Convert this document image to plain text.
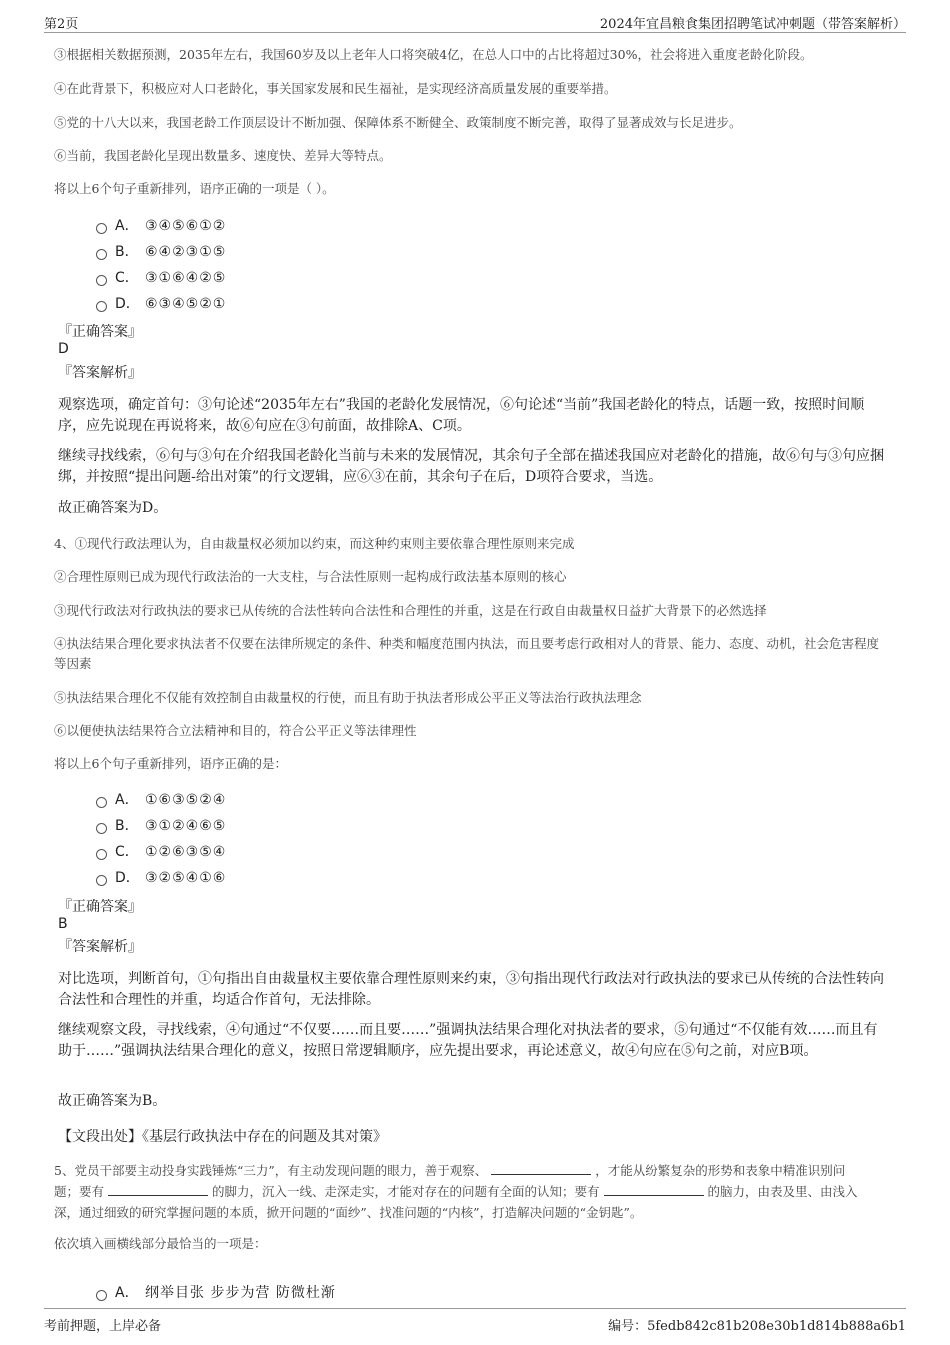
第2页	2024年宜昌粮食集团招聘笔试冲刺题（带答案解析）
③根据相关数据预测，2035年左右，我国60岁及以上老年人口将突破4亿，在总人口中的占比将超过30%，社会将进入重度老龄化阶段。
④在此背景下，积极应对人口老龄化，事关国家发展和民生福祉，是实现经济高质量发展的重要举措。
⑤党的十八大以来，我国老龄工作顶层设计不断加强、保障体系不断健全、政策制度不断完善，取得了显著成效与长足进步。
⑥当前，我国老龄化呈现出数量多、速度快、差异大等特点。
将以上6个句子重新排列，语序正确的一项是（ ）。
A． ③④⑤⑥①②
B． ⑥④②③①⑤
C． ③①⑥④②⑤
D． ⑥③④⑤②①
『正确答案』
D
『答案解析』
观察选项，确定首句：③句论述“2035年左右”我国的老龄化发展情况，⑥句论述“当前”我国老龄化的特点，话题一致，按照时间顺序，应先说现在再说将来，故⑥句应在③句前面，故排除A、C项。
继续寻找线索，⑥句与③句在介绍我国老龄化当前与未来的发展情况，其余句子全部在描述我国应对老龄化的措施，故⑥句与③句应捆绑，并按照“提出问题-给出对策”的行文逻辑，应⑥③在前，其余句子在后，D项符合要求，当选。
故正确答案为D。
4、①现代行政法理认为，自由裁量权必须加以约束，而这种约束则主要依靠合理性原则来完成
②合理性原则已成为现代行政法治的一大支柱，与合法性原则一起构成行政法基本原则的核心
③现代行政法对行政执法的要求已从传统的合法性转向合法性和合理性的并重，这是在行政自由裁量权日益扩大背景下的必然选择
④执法结果合理化要求执法者不仅要在法律所规定的条件、种类和幅度范围内执法，而且要考虑行政相对人的背景、能力、态度、动机，社会危害程度等因素
⑤执法结果合理化不仅能有效控制自由裁量权的行使，而且有助于执法者形成公平正义等法治行政执法理念
⑥以便使执法结果符合立法精神和目的，符合公平正义等法律理性
将以上6个句子重新排列，语序正确的是：
A． ①⑥③⑤②④
B． ③①②④⑥⑤
C． ①②⑥③⑤④
D． ③②⑤④①⑥
『正确答案』
B
『答案解析』
对比选项，判断首句，①句指出自由裁量权主要依靠合理性原则来约束，③句指出现代行政法对行政执法的要求已从传统的合法性转向合法性和合理性的并重，均适合作首句，无法排除。
继续观察文段，寻找线索，④句通过“不仅要……而且要……”强调执法结果合理化对执法者的要求，⑤句通过“不仅能有效……而且有助于……”强调执法结果合理化的意义，按照日常逻辑顺序，应先提出要求，再论述意义，故④句应在⑤句之前，对应B项。
故正确答案为B。
【文段出处】《基层行政执法中存在的问题及其对策》
5、党员干部要主动投身实践锤炼“三力”，有主动发现问题的眼力，善于观察、	，才能从纷繁复杂的形势和表象中精准识别问
题；要有	的脚力，沉入一线、走深走实，才能对存在的问题有全面的认知；要有	的脑力，由表及里、由浅入
深，通过细致的研究掌握问题的本质，掀开问题的“面纱”、找准问题的“内核”，打造解决问题的“金钥匙”。
依次填入画横线部分最恰当的一项是：
A． 纲举目张 步步为营 防微杜渐
考前押题，上岸必备	编号：5fedb842c81b208e30b1d814b888a6b1
